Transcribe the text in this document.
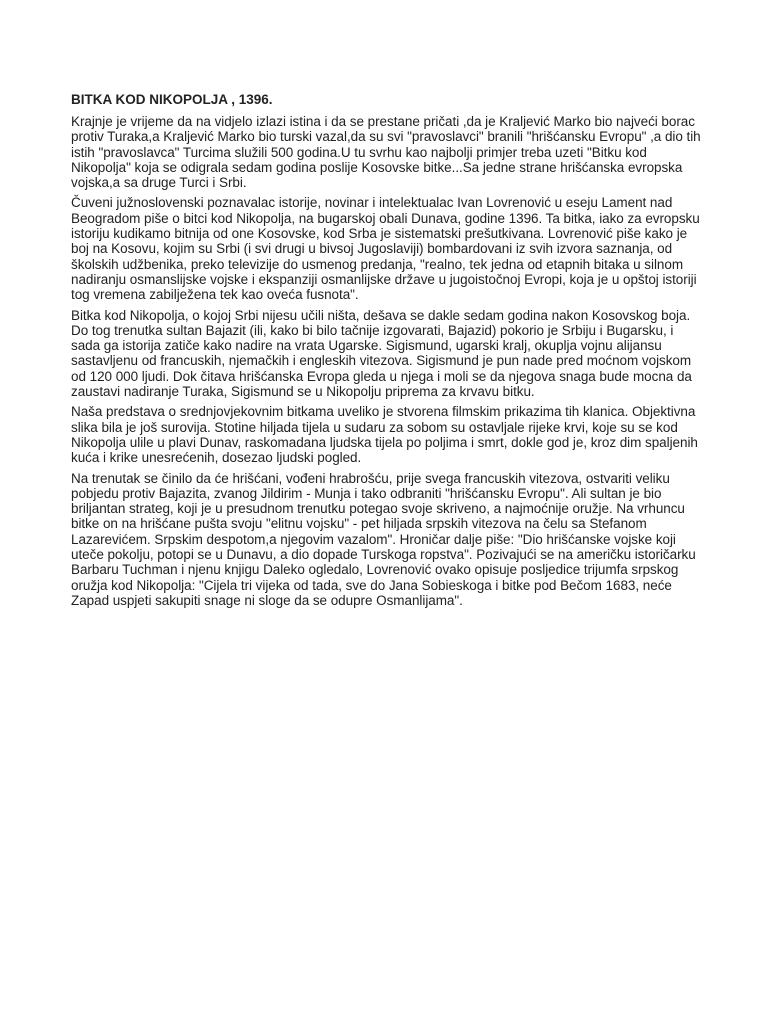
BITKA KOD NIKOPOLJA , 1396.

Krajnje je vrijeme da na vidjelo izlazi istina i da se prestane pričati ,da je Kraljević Marko bio najveći borac protiv Turaka,a Kraljević Marko bio turski vazal,da su svi "pravoslavci" branili "hrišćansku Evropu" ,a dio tih istih "pravoslavca" Turcima služili 500 godina.U tu svrhu kao najbolji primjer treba uzeti "Bitku kod Nikopolja" koja se odigrala sedam godina poslije Kosovske bitke...Sa jedne strane hrišćanska evropska vojska,a sa druge Turci i Srbi.

Čuveni južnoslovenski poznavalac istorije, novinar i intelektualac Ivan Lovrenović u eseju Lament nad Beogradom piše o bitci kod Nikopolja, na bugarskoj obali Dunava, godine 1396. Ta bitka, iako za evropsku istoriju kudikamo bitnija od one Kosovske, kod Srba je sistematski prešutkivana. Lovrenović piše kako je boj na Kosovu, kojim su Srbi (i svi drugi u bivsoj Jugoslaviji) bombardovani iz svih izvora saznanja, od školskih udžbenika, preko televizije do usmenog predanja, "realno, tek jedna od etapnih bitaka u silnom nadiranju osmanslijske vojske i ekspanziji osmanlijske države u jugoistočnoj Evropi, koja je u opštoj istoriji tog vremena zabilježena tek kao oveća fusnota".

Bitka kod Nikopolja, o kojoj Srbi nijesu učili ništa, dešava se dakle sedam godina nakon Kosovskog boja. Do tog trenutka sultan Bajazit (ili, kako bi bilo tačnije izgovarati, Bajazid) pokorio je Srbiju i Bugarsku, i sada ga istorija zatiče kako nadire na vrata Ugarske. Sigismund, ugarski kralj, okuplja vojnu alijansu sastavljenu od francuskih, njemačkih i engleskih vitezova. Sigismund je pun nade pred moćnom vojskom od 120 000 ljudi. Dok čitava hrišćanska Evropa gleda u njega i moli se da njegova snaga bude mocna da zaustavi nadiranje Turaka, Sigismund se u Nikopolju priprema za krvavu bitku.

Naša predstava o srednjovjekovnim bitkama uveliko je stvorena filmskim prikazima tih klanica. Objektivna slika bila je još surovija. Stotine hiljada tijela u sudaru za sobom su ostavljale rijeke krvi, koje su se kod Nikopolja ulile u plavi Dunav, raskomadana ljudska tijela po poljima i smrt, dokle god je, kroz dim spaljenih kuća i krike unesrećenih, dosezao ljudski pogled.

Na trenutak se činilo da će hrišćani, vođeni hrabrošću, prije svega francuskih vitezova, ostvariti veliku pobjedu protiv Bajazita, zvanog Jildirim - Munja i tako odbraniti "hrišćansku Evropu". Ali sultan je bio briljantan strateg, koji je u presudnom trenutku potegao svoje skriveno, a najmoćnije oružje. Na vrhuncu bitke on na hrišćane pušta svoju "elitnu vojsku" - pet hiljada srpskih vitezova na čelu sa Stefanom Lazarevićem. Srpskim despotom,a njegovim vazalom". Hroničar dalje piše: "Dio hrišćanske vojske koji uteče pokolju, potopi se u Dunavu, a dio dopade Turskoga ropstva". Pozivajući se na američku istoričarku Barbaru Tuchman i njenu knjigu Daleko ogledalo, Lovrenović ovako opisuje posljedice trijumfa srpskog oružja kod Nikopolja: "Cijela tri vijeka od tada, sve do Jana Sobieskoga i bitke pod Bečom 1683, neće Zapad uspjeti sakupiti snage ni sloge da se odupre Osmanlijama".
